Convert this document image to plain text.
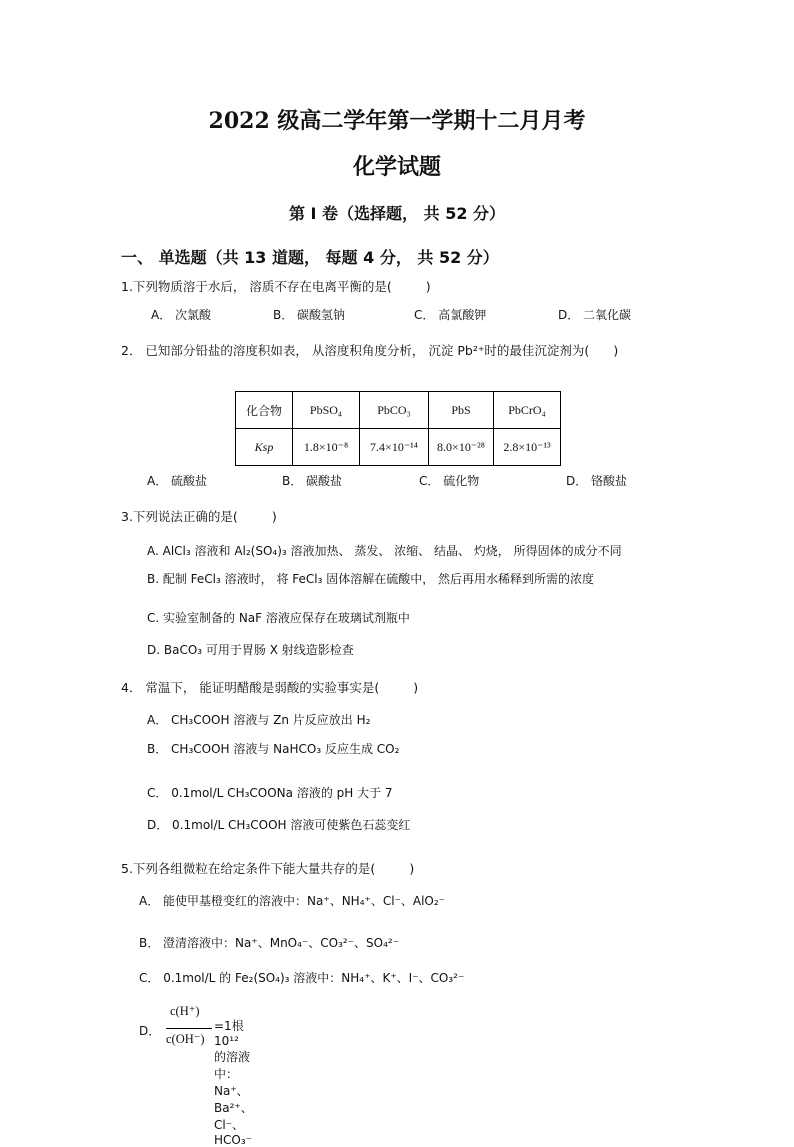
2022 级高二学年第一学期十二月月考
化学试题
第 I 卷（选择题， 共 52 分）
一、 单选题（共 13 道题， 每题 4 分， 共 52 分）
1.下列物质溶于水后， 溶质不存在电离平衡的是(	)
A． 次氯酸	B． 碳酸氢钠	C． 高氯酸钾	D． 二氧化碳
2． 已知部分铅盐的溶度积如表， 从溶度积角度分析， 沉淀 Pb²⁺时的最佳沉淀剂为( )
化合物	PbSO₄	PbCO₃	PbS	PbCrO₄
Ksp	1.8×10⁻⁸	7.4×10⁻¹⁴	8.0×10⁻²⁸	2.8×10⁻¹³
A． 硫酸盐	B． 碳酸盐	C． 硫化物	D． 铬酸盐
3.下列说法正确的是(	)
A. AlCl₃ 溶液和 Al₂(SO₄)₃ 溶液加热、 蒸发、 浓缩、 结晶、 灼烧， 所得固体的成分不同
B. 配制 FeCl₃ 溶液时， 将 FeCl₃ 固体溶解在硫酸中， 然后再用水稀释到所需的浓度
C. 实验室制备的 NaF 溶液应保存在玻璃试剂瓶中
D. BaCO₃ 可用于胃肠 X 射线造影检查
4． 常温下， 能证明醋酸是弱酸的实验事实是(	)
A． CH₃COOH 溶液与 Zn 片反应放出 H₂
B． CH₃COOH 溶液与 NaHCO₃ 反应生成 CO₂
C． 0.1mol/L CH₃COONa 溶液的 pH 大于 7
D． 0.1mol/L CH₃COOH 溶液可使紫色石蕊变红
5.下列各组微粒在给定条件下能大量共存的是(	)
A． 能使甲基橙变红的溶液中：Na⁺、NH₄⁺、Cl⁻、AlO₂⁻
B． 澄清溶液中：Na⁺、MnO₄⁻、CO₃²⁻、SO₄²⁻
C． 0.1mol/L 的 Fe₂(SO₄)₃ 溶液中：NH₄⁺、K⁺、I⁻、CO₃²⁻
D．
c(H⁺)
c(OH⁻)
=1根10¹² 的溶液中：Na⁺、Ba²⁺、Cl⁻、HCO₃⁻
